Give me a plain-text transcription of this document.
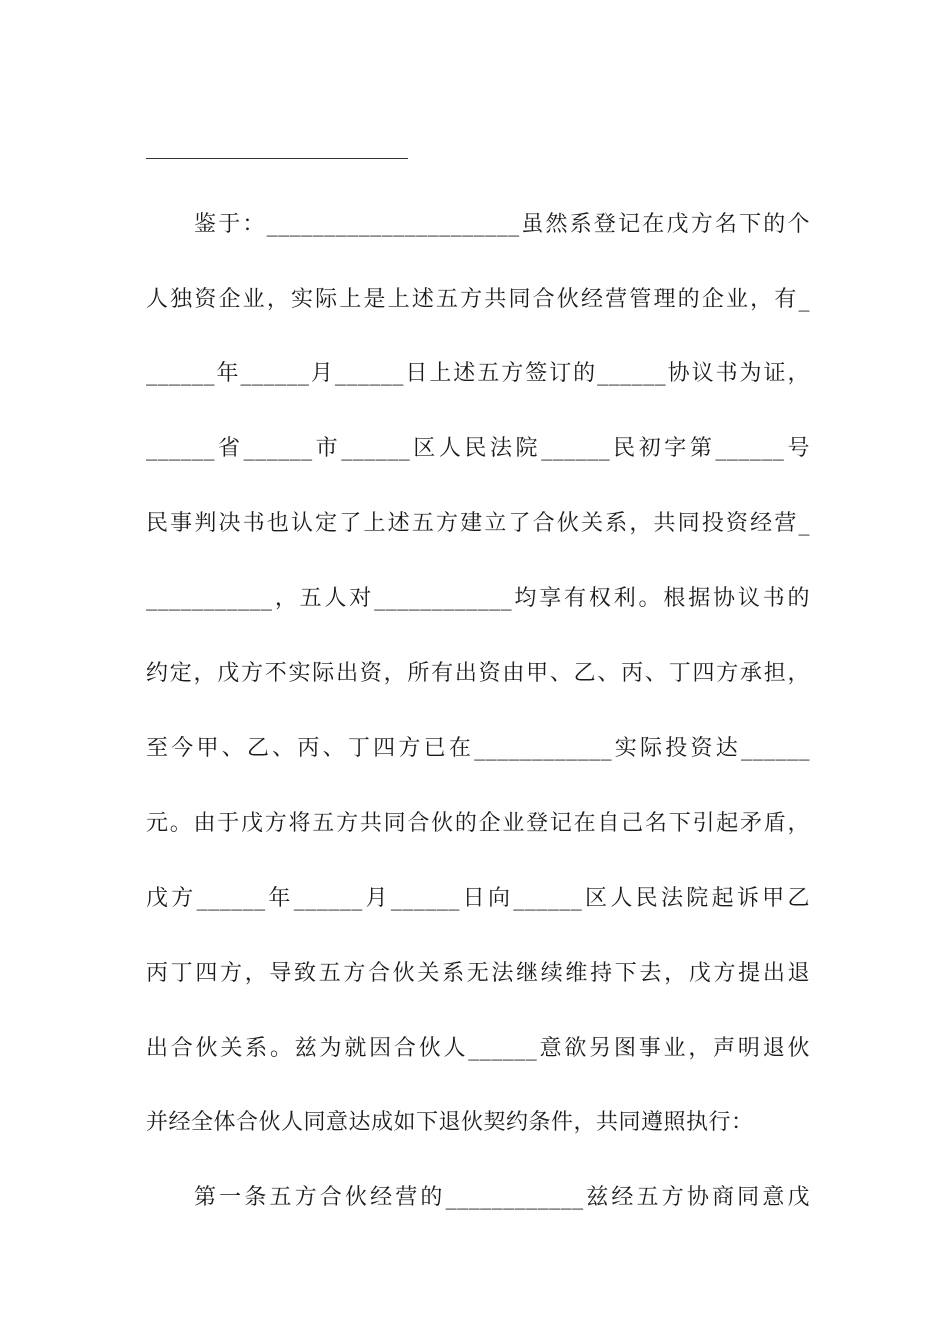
鉴于：______________________虽然系登记在戊方名下的个
人独资企业，实际上是上述五方共同合伙经营管理的企业，有_
______年______月______日上述五方签订的______协议书为证，
______省______市______区人民法院______民初字第______号
民事判决书也认定了上述五方建立了合伙关系，共同投资经营_
___________，五人对____________均享有权利。根据协议书的
约定，戊方不实际出资，所有出资由甲、乙、丙、丁四方承担，
至今甲、乙、丙、丁四方已在____________实际投资达______
元。由于戊方将五方共同合伙的企业登记在自己名下引起矛盾，
戊方______年______月______日向______区人民法院起诉甲乙
丙丁四方，导致五方合伙关系无法继续维持下去，戊方提出退
出合伙关系。兹为就因合伙人______意欲另图事业，声明退伙
并经全体合伙人同意达成如下退伙契约条件，共同遵照执行：
第一条五方合伙经营的____________兹经五方协商同意戊
